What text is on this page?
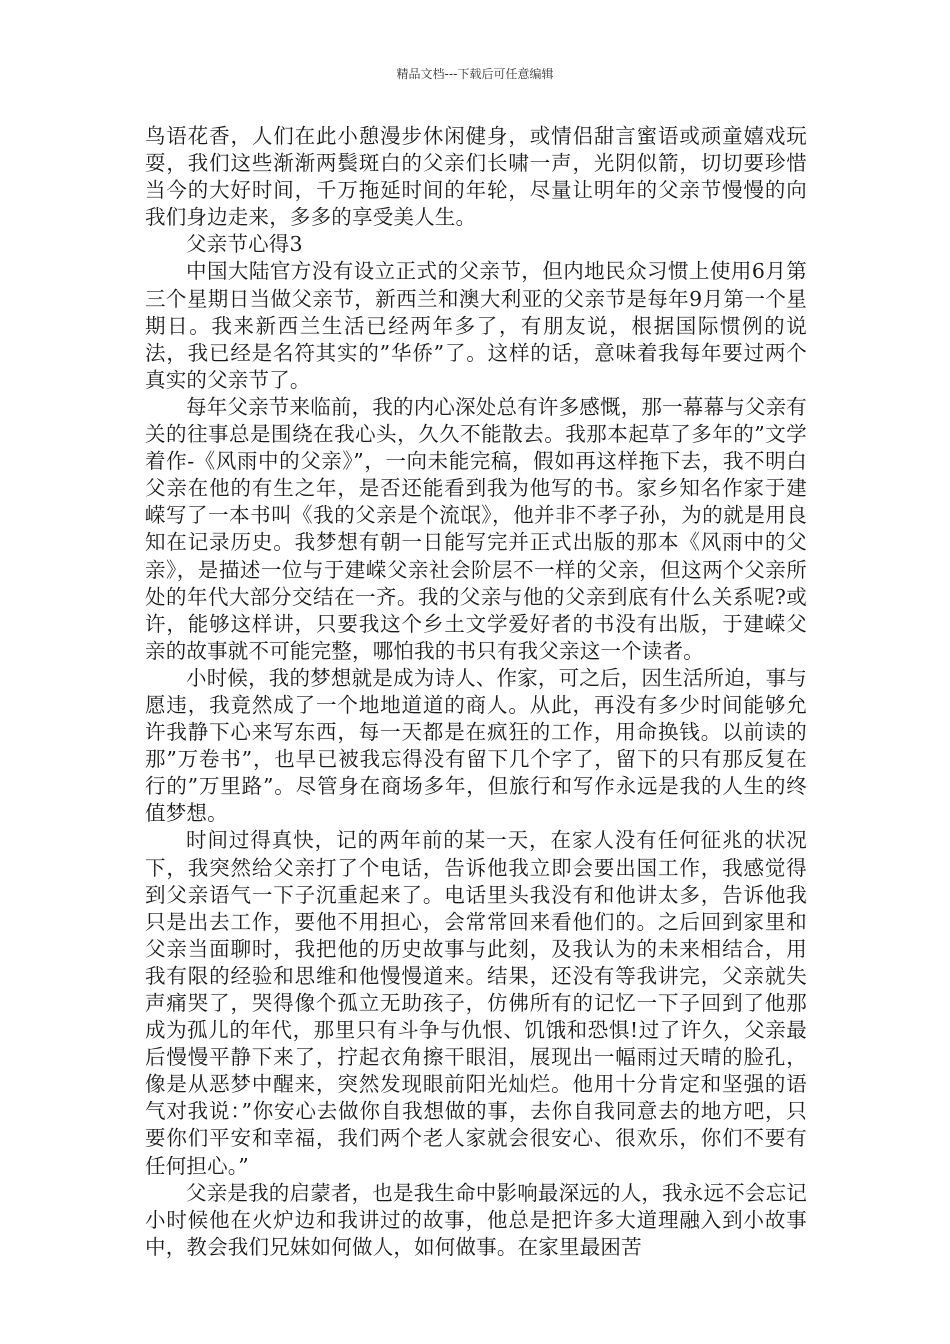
精品文档---下载后可任意编辑

鸟语花香，人们在此小憩漫步休闲健身，或情侣甜言蜜语或顽童嬉戏玩耍，我们这些渐渐两鬓斑白的父亲们长啸一声，光阴似箭，切切要珍惜当今的大好时间，千万拖延时间的年轮，尽量让明年的父亲节慢慢的向我们身边走来，多多的享受美人生。

父亲节心得3

中国大陆官方没有设立正式的父亲节，但内地民众习惯上使用6月第三个星期日当做父亲节，新西兰和澳大利亚的父亲节是每年9月第一个星期日。我来新西兰生活已经两年多了，有朋友说，根据国际惯例的说法，我已经是名符其实的”华侨”了。这样的话，意味着我每年要过两个真实的父亲节了。

每年父亲节来临前，我的内心深处总有许多感慨，那一幕幕与父亲有关的往事总是围绕在我心头，久久不能散去。我那本起草了多年的”文学着作-《风雨中的父亲》”，一向未能完稿，假如再这样拖下去，我不明白父亲在他的有生之年，是否还能看到我为他写的书。家乡知名作家于建嵘写了一本书叫《我的父亲是个流氓》，他并非不孝子孙，为的就是用良知在记录历史。我梦想有朝一日能写完并正式出版的那本《风雨中的父亲》，是描述一位与于建嵘父亲社会阶层不一样的父亲，但这两个父亲所处的年代大部分交结在一齐。我的父亲与他的父亲到底有什么关系呢?或许，能够这样讲，只要我这个乡土文学爱好者的书没有出版，于建嵘父亲的故事就不可能完整，哪怕我的书只有我父亲这一个读者。

小时候，我的梦想就是成为诗人、作家，可之后，因生活所迫，事与愿违，我竟然成了一个地地道道的商人。从此，再没有多少时间能够允许我静下心来写东西，每一天都是在疯狂的工作，用命换钱。以前读的那”万卷书”，也早已被我忘得没有留下几个字了，留下的只有那反复在行的”万里路”。尽管身在商场多年，但旅行和写作永远是我的人生的终值梦想。

时间过得真快，记的两年前的某一天，在家人没有任何征兆的状况下，我突然给父亲打了个电话，告诉他我立即会要出国工作，我感觉得到父亲语气一下子沉重起来了。电话里头我没有和他讲太多，告诉他我只是出去工作，要他不用担心，会常常回来看他们的。之后回到家里和父亲当面聊时，我把他的历史故事与此刻，及我认为的未来相结合，用我有限的经验和思维和他慢慢道来。结果，还没有等我讲完，父亲就失声痛哭了，哭得像个孤立无助孩子，仿佛所有的记忆一下子回到了他那成为孤儿的年代，那里只有斗争与仇恨、饥饿和恐惧!过了许久，父亲最后慢慢平静下来了，拧起衣角擦干眼泪，展现出一幅雨过天晴的脸孔，像是从恶梦中醒来，突然发现眼前阳光灿烂。他用十分肯定和坚强的语气对我说：”你安心去做你自我想做的事，去你自我同意去的地方吧，只要你们平安和幸福，我们两个老人家就会很安心、很欢乐，你们不要有任何担心。”

父亲是我的启蒙者，也是我生命中影响最深远的人，我永远不会忘记小时候他在火炉边和我讲过的故事，他总是把许多大道理融入到小故事中，教会我们兄妹如何做人，如何做事。在家里最困苦
